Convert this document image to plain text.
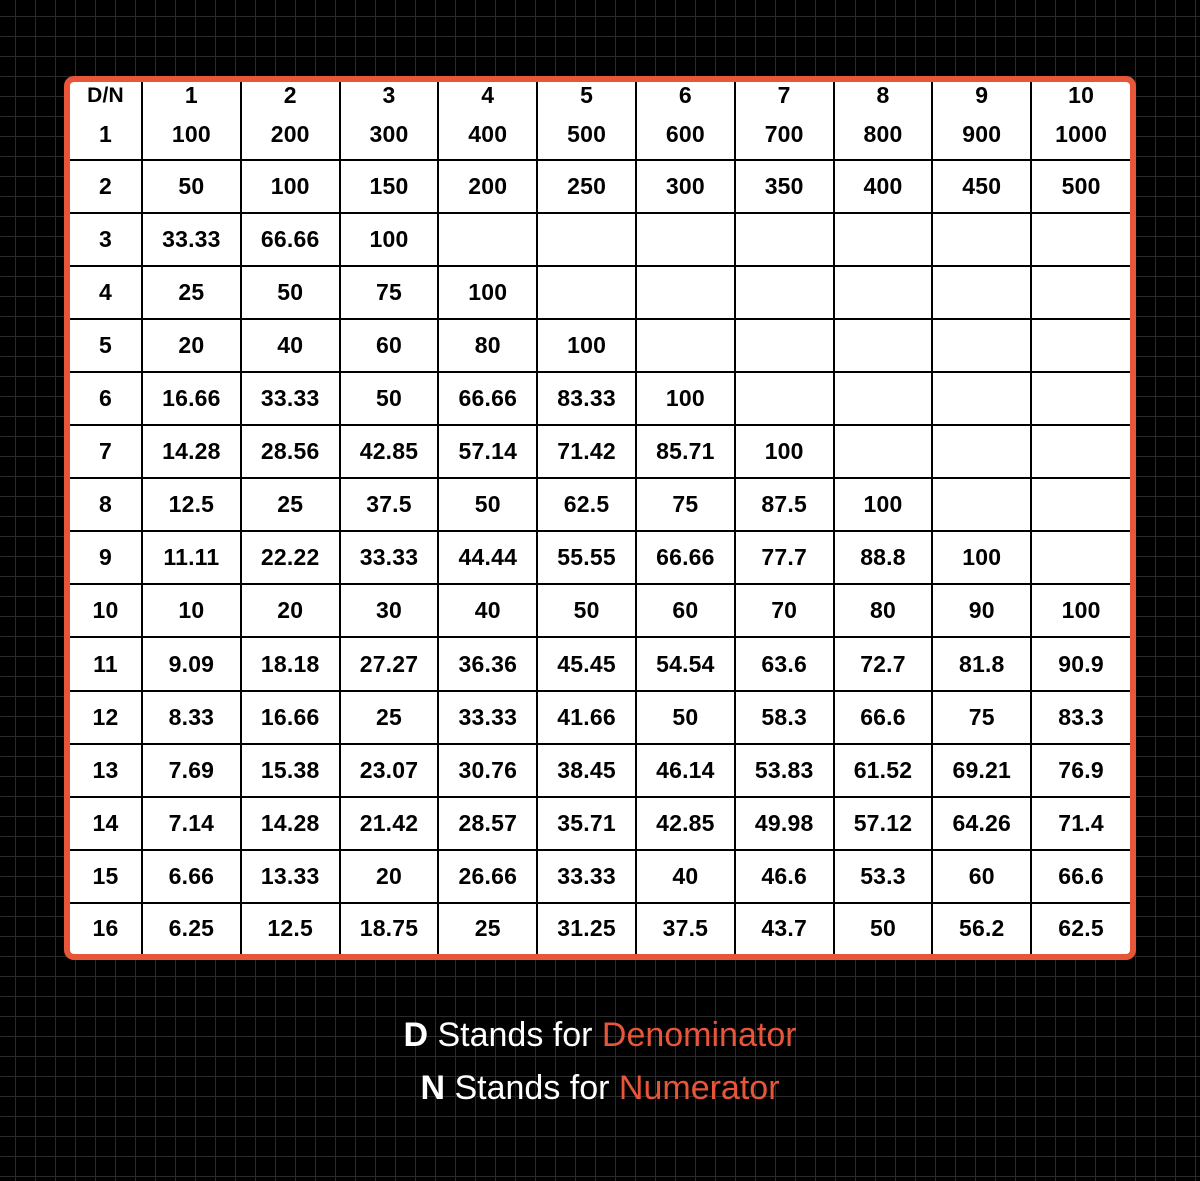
D/N	1	2	3	4	5	6	7	8	9	10
1	100	200	300	400	500	600	700	800	900	1000
2	50	100	150	200	250	300	350	400	450	500
3	33.33	66.66	100							
4	25	50	75	100						
5	20	40	60	80	100					
6	16.66	33.33	50	66.66	83.33	100				
7	14.28	28.56	42.85	57.14	71.42	85.71	100			
8	12.5	25	37.5	50	62.5	75	87.5	100		
9	11.11	22.22	33.33	44.44	55.55	66.66	77.7	88.8	100	
10	10	20	30	40	50	60	70	80	90	100
11	9.09	18.18	27.27	36.36	45.45	54.54	63.6	72.7	81.8	90.9
12	8.33	16.66	25	33.33	41.66	50	58.3	66.6	75	83.3
13	7.69	15.38	23.07	30.76	38.45	46.14	53.83	61.52	69.21	76.9
14	7.14	14.28	21.42	28.57	35.71	42.85	49.98	57.12	64.26	71.4
15	6.66	13.33	20	26.66	33.33	40	46.6	53.3	60	66.6
16	6.25	12.5	18.75	25	31.25	37.5	43.7	50	56.2	62.5
D Stands for Denominator
N Stands for Numerator
